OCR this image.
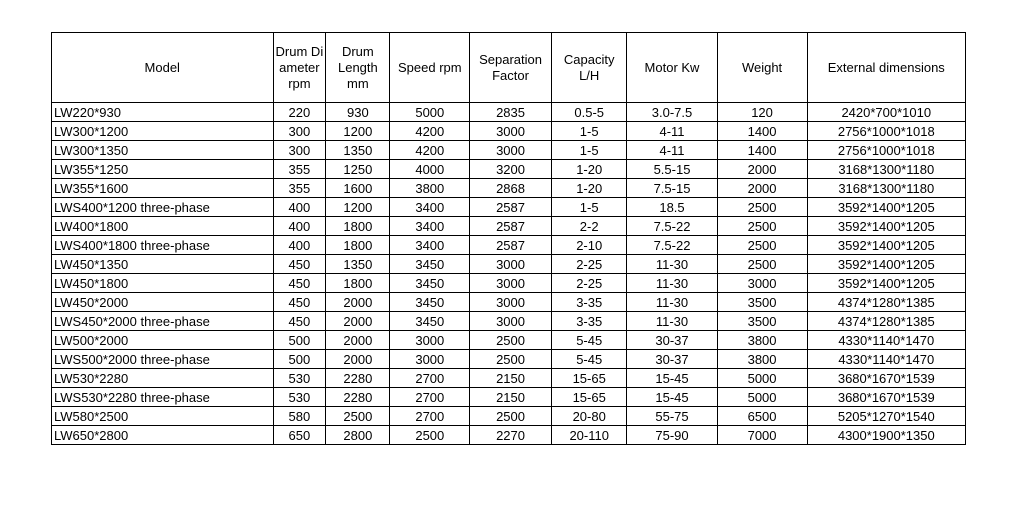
Model	Drum Diameter rpm	Drum Length mm	Speed rpm	Separation Factor	Capacity L/H	Motor Kw	Weight	External dimensions
LW220*930	220	930	5000	2835	0.5-5	3.0-7.5	120	2420*700*1010
LW300*1200	300	1200	4200	3000	1-5	4-11	1400	2756*1000*1018
LW300*1350	300	1350	4200	3000	1-5	4-11	1400	2756*1000*1018
LW355*1250	355	1250	4000	3200	1-20	5.5-15	2000	3168*1300*1180
LW355*1600	355	1600	3800	2868	1-20	7.5-15	2000	3168*1300*1180
LWS400*1200 three-phase	400	1200	3400	2587	1-5	18.5	2500	3592*1400*1205
LW400*1800	400	1800	3400	2587	2-2	7.5-22	2500	3592*1400*1205
LWS400*1800 three-phase	400	1800	3400	2587	2-10	7.5-22	2500	3592*1400*1205
LW450*1350	450	1350	3450	3000	2-25	11-30	2500	3592*1400*1205
LW450*1800	450	1800	3450	3000	2-25	11-30	3000	3592*1400*1205
LW450*2000	450	2000	3450	3000	3-35	11-30	3500	4374*1280*1385
LWS450*2000 three-phase	450	2000	3450	3000	3-35	11-30	3500	4374*1280*1385
LW500*2000	500	2000	3000	2500	5-45	30-37	3800	4330*1140*1470
LWS500*2000 three-phase	500	2000	3000	2500	5-45	30-37	3800	4330*1140*1470
LW530*2280	530	2280	2700	2150	15-65	15-45	5000	3680*1670*1539
LWS530*2280 three-phase	530	2280	2700	2150	15-65	15-45	5000	3680*1670*1539
LW580*2500	580	2500	2700	2500	20-80	55-75	6500	5205*1270*1540
LW650*2800	650	2800	2500	2270	20-110	75-90	7000	4300*1900*1350
